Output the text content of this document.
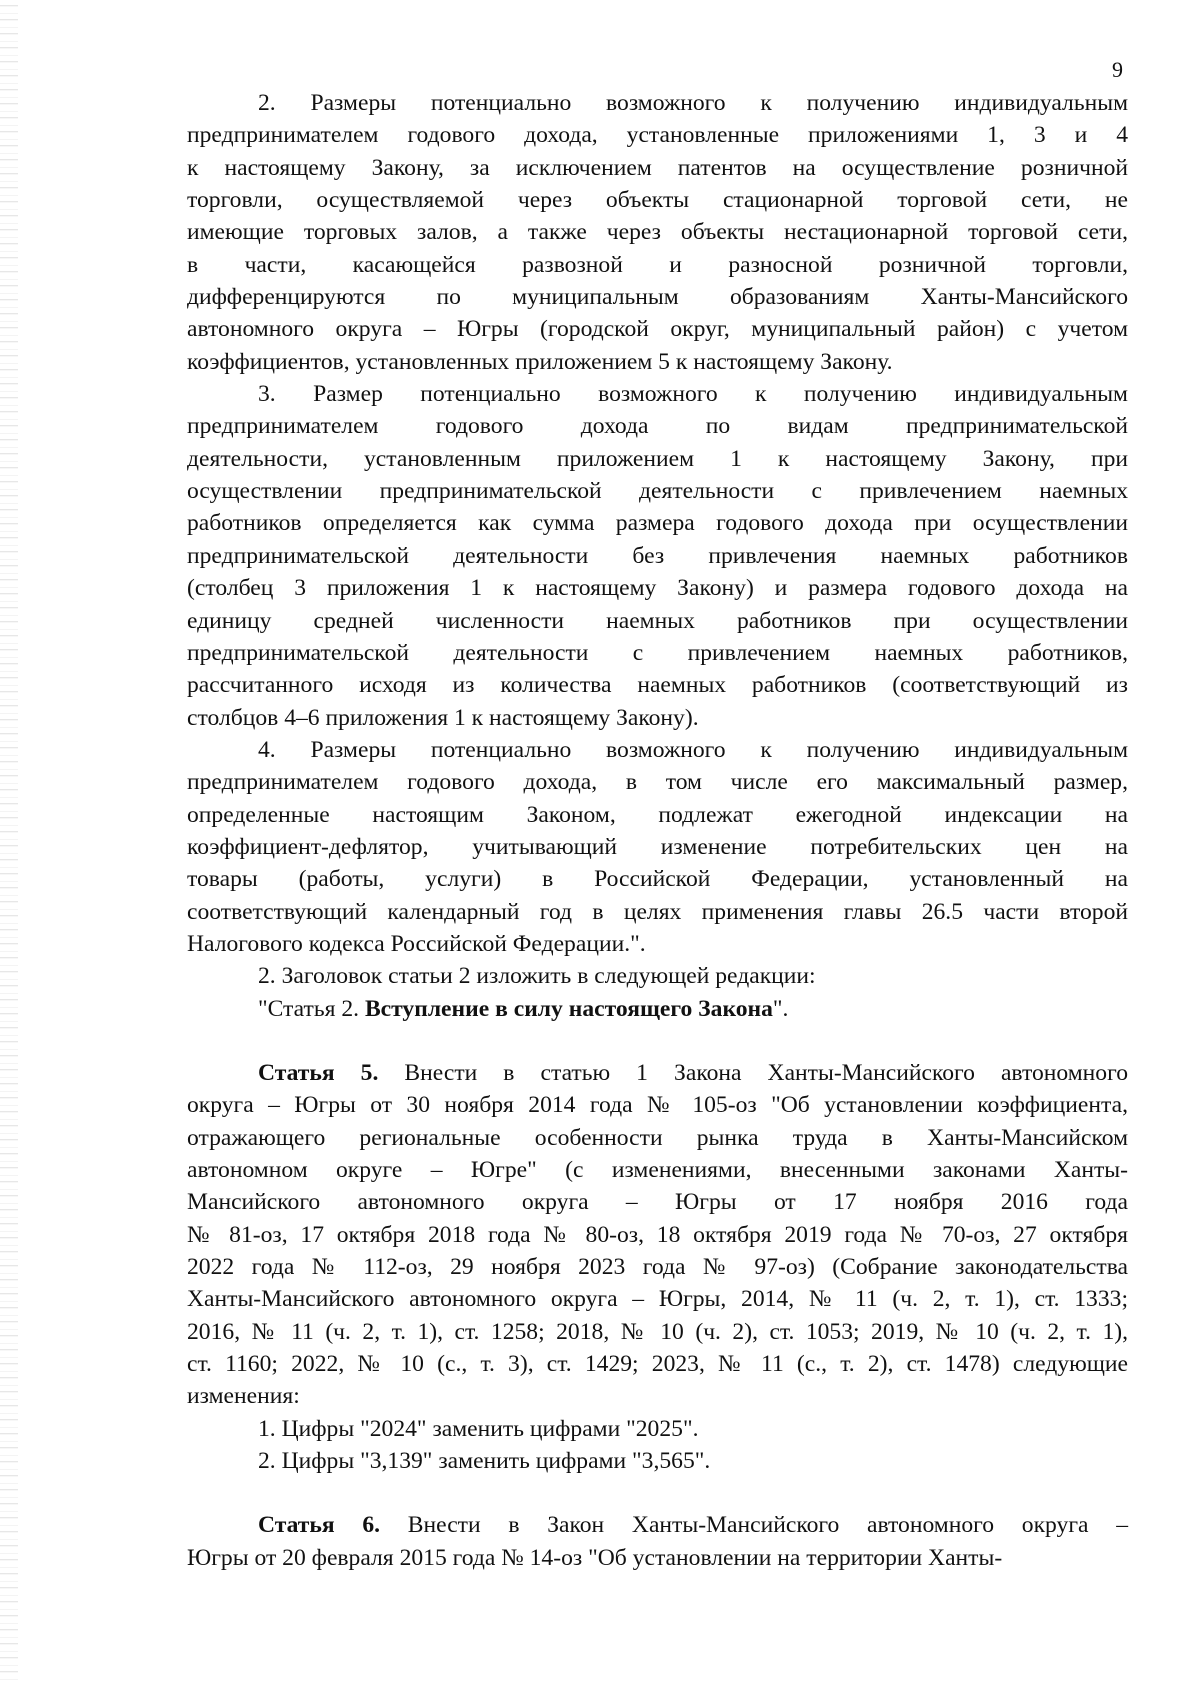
9
2. Размеры потенциально возможного к получению индивидуальным
предпринимателем годового дохода, установленные приложениями 1, 3 и 4
к настоящему Закону, за исключением патентов на осуществление розничной
торговли, осуществляемой через объекты стационарной торговой сети, не
имеющие торговых залов, а также через объекты нестационарной торговой сети,
в части, касающейся развозной и разносной розничной торговли,
дифференцируются по муниципальным образованиям Ханты-Мансийского
автономного округа – Югры (городской округ, муниципальный район) с учетом
коэффициентов, установленных приложением 5 к настоящему Закону.
3. Размер потенциально возможного к получению индивидуальным
предпринимателем годового дохода по видам предпринимательской
деятельности, установленным приложением 1 к настоящему Закону, при
осуществлении предпринимательской деятельности с привлечением наемных
работников определяется как сумма размера годового дохода при осуществлении
предпринимательской деятельности без привлечения наемных работников
(столбец 3 приложения 1 к настоящему Закону) и размера годового дохода на
единицу средней численности наемных работников при осуществлении
предпринимательской деятельности с привлечением наемных работников,
рассчитанного исходя из количества наемных работников (соответствующий из
столбцов 4–6 приложения 1 к настоящему Закону).
4. Размеры потенциально возможного к получению индивидуальным
предпринимателем годового дохода, в том числе его максимальный размер,
определенные настоящим Законом, подлежат ежегодной индексации на
коэффициент-дефлятор, учитывающий изменение потребительских цен на
товары (работы, услуги) в Российской Федерации, установленный на
соответствующий календарный год в целях применения главы 26.5 части второй
Налогового кодекса Российской Федерации.".
2. Заголовок статьи 2 изложить в следующей редакции:
"Статья 2. Вступление в силу настоящего Закона".
Статья 5. Внести в статью 1 Закона Ханты-Мансийского автономного
округа – Югры от 30 ноября 2014 года № 105-оз "Об установлении коэффициента,
отражающего региональные особенности рынка труда в Ханты-Мансийском
автономном округе – Югре" (с изменениями, внесенными законами Ханты-
Мансийского автономного округа – Югры от 17 ноября 2016 года
№ 81-оз, 17 октября 2018 года № 80-оз, 18 октября 2019 года № 70-оз, 27 октября
2022 года № 112-оз, 29 ноября 2023 года № 97-оз) (Собрание законодательства
Ханты-Мансийского автономного округа – Югры, 2014, № 11 (ч. 2, т. 1), ст. 1333;
2016, № 11 (ч. 2, т. 1), ст. 1258; 2018, № 10 (ч. 2), ст. 1053; 2019, № 10 (ч. 2, т. 1),
ст. 1160; 2022, № 10 (с., т. 3), ст. 1429; 2023, № 11 (с., т. 2), ст. 1478) следующие
изменения:
1. Цифры "2024" заменить цифрами "2025".
2. Цифры "3,139" заменить цифрами "3,565".
Статья 6. Внести в Закон Ханты-Мансийского автономного округа –
Югры от 20 февраля 2015 года № 14-оз "Об установлении на территории Ханты-
